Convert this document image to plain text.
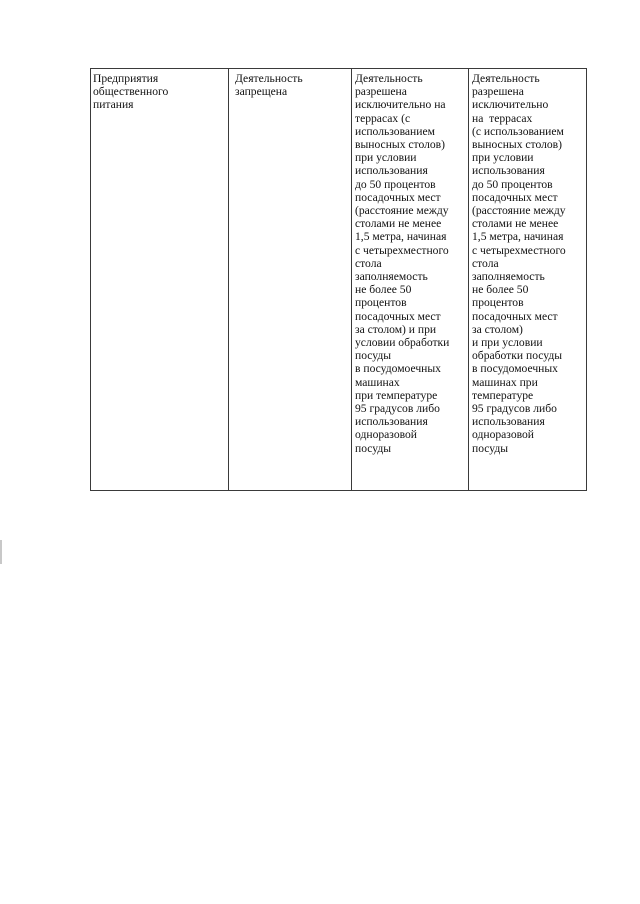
Предприятия
общественного
питания

Деятельность
запрещена

Деятельность
разрешена
исключительно на
террасах (с
использованием
выносных столов)
при условии
использования
до 50 процентов
посадочных мест
(расстояние между
столами не менее
1,5 метра, начиная
с четырехместного
стола
заполняемость
не более 50
процентов
посадочных мест
за столом) и при
условии обработки
посуды
в посудомоечных
машинах
при температуре
95 градусов либо
использования
одноразовой
посуды

Деятельность
разрешена
исключительно
на  террасах
(с использованием
выносных столов)
при условии
использования
до 50 процентов
посадочных мест
(расстояние между
столами не менее
1,5 метра, начиная
с четырехместного
стола
заполняемость
не более 50
процентов
посадочных мест
за столом)
и при условии
обработки посуды
в посудомоечных
машинах при
температуре
95 градусов либо
использования
одноразовой
посуды
